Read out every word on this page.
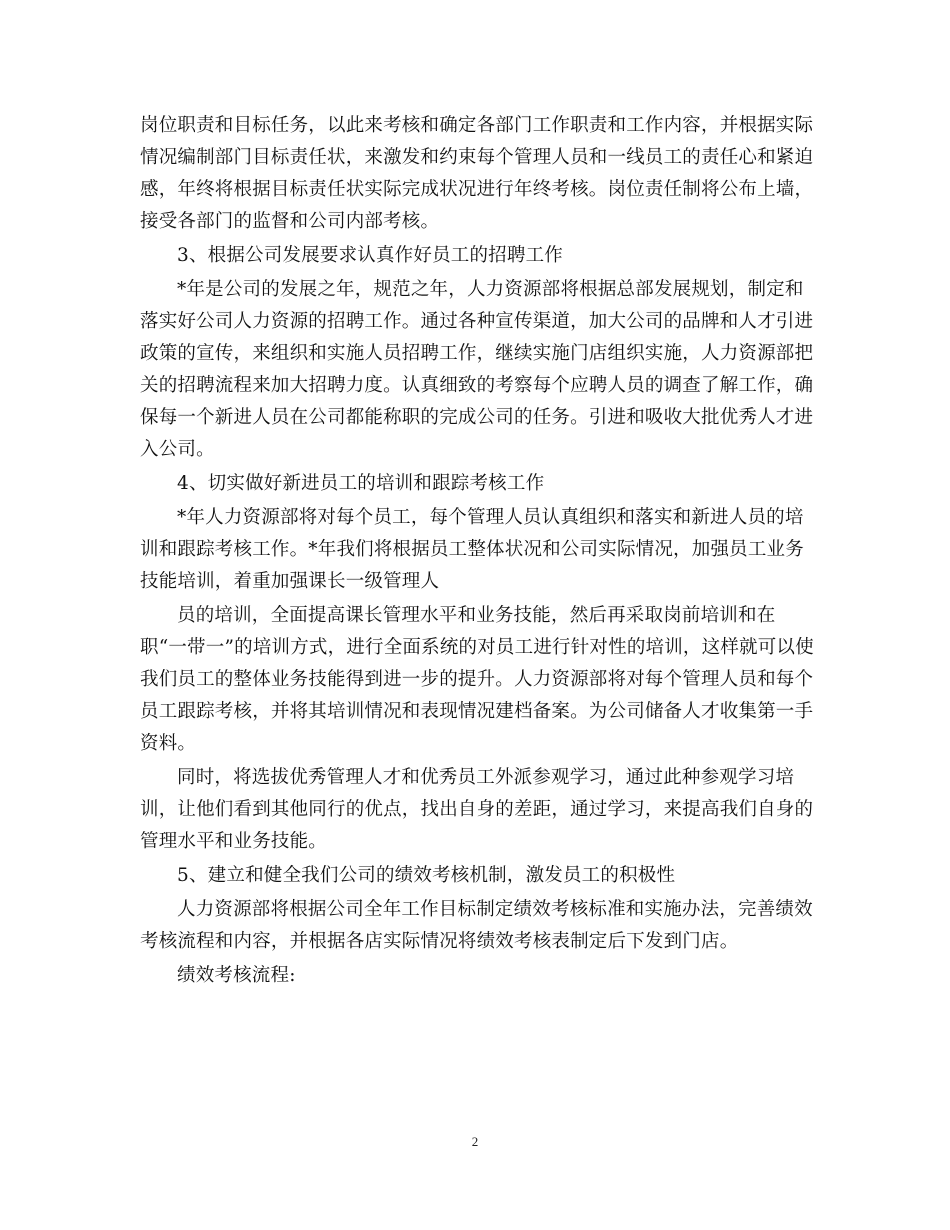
岗位职责和目标任务，以此来考核和确定各部门工作职责和工作内容，并根据实际
情况编制部门目标责任状，来激发和约束每个管理人员和一线员工的责任心和紧迫
感，年终将根据目标责任状实际完成状况进行年终考核。岗位责任制将公布上墙，
接受各部门的监督和公司内部考核。
3、根据公司发展要求认真作好员工的招聘工作
*年是公司的发展之年，规范之年，人力资源部将根据总部发展规划，制定和
落实好公司人力资源的招聘工作。通过各种宣传渠道，加大公司的品牌和人才引进
政策的宣传，来组织和实施人员招聘工作，继续实施门店组织实施，人力资源部把
关的招聘流程来加大招聘力度。认真细致的考察每个应聘人员的调查了解工作，确
保每一个新进人员在公司都能称职的完成公司的任务。引进和吸收大批优秀人才进
入公司。
4、切实做好新进员工的培训和跟踪考核工作
*年人力资源部将对每个员工，每个管理人员认真组织和落实和新进人员的培
训和跟踪考核工作。*年我们将根据员工整体状况和公司实际情况，加强员工业务
技能培训，着重加强课长一级管理人
员的培训，全面提高课长管理水平和业务技能，然后再采取岗前培训和在
职“一带一”的培训方式，进行全面系统的对员工进行针对性的培训，这样就可以使
我们员工的整体业务技能得到进一步的提升。人力资源部将对每个管理人员和每个
员工跟踪考核，并将其培训情况和表现情况建档备案。为公司储备人才收集第一手
资料。
同时，将选拔优秀管理人才和优秀员工外派参观学习，通过此种参观学习培
训，让他们看到其他同行的优点，找出自身的差距，通过学习，来提高我们自身的
管理水平和业务技能。
5、建立和健全我们公司的绩效考核机制，激发员工的积极性
人力资源部将根据公司全年工作目标制定绩效考核标准和实施办法，完善绩效
考核流程和内容，并根据各店实际情况将绩效考核表制定后下发到门店。
绩效考核流程:
2
